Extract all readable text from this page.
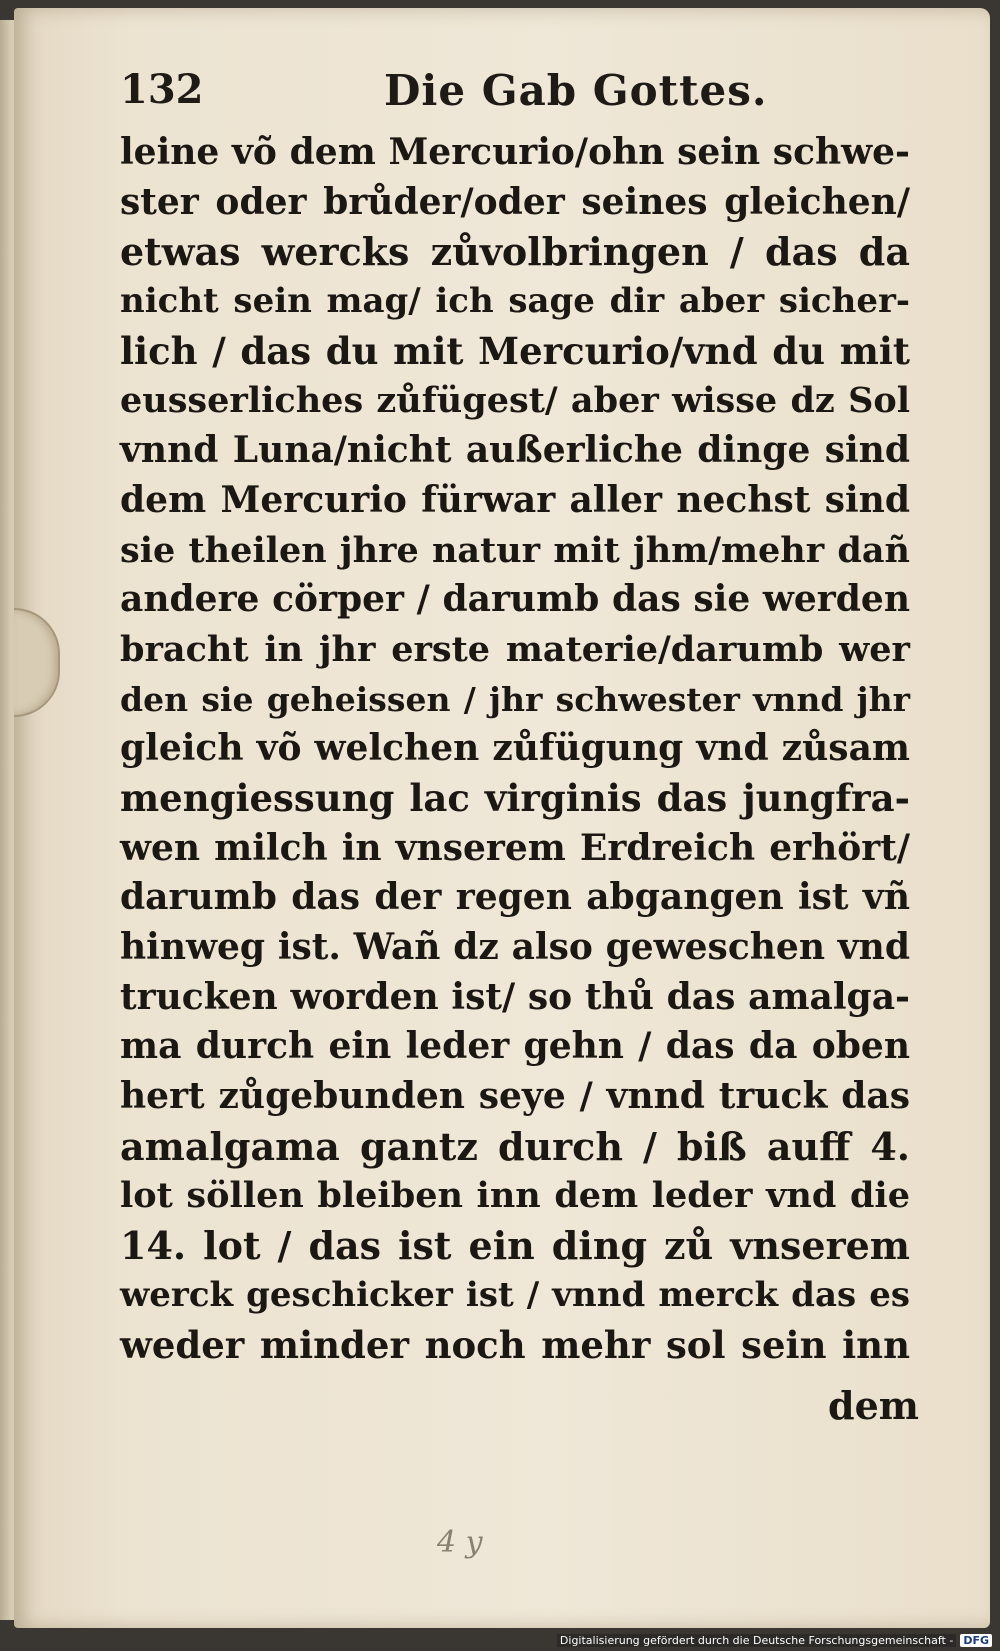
132	Die Gab Gottes.
leine võ dem Mercurio/ohn sein schwe-
ster oder brůder/oder seines gleichen/
etwas wercks zůvolbringen / das da
nicht sein mag/ ich sage dir aber sicher-
lich / das du mit Mercurio/vnd du mit
eusserliches zůfügest/ aber wisse dz Sol
vnnd Luna/nicht außerliche dinge sind
dem Mercurio fürwar aller nechst sind
sie theilen jhre natur mit jhm/mehr dañ
andere cörper / darumb das sie werden
bracht in jhr erste materie/darumb wer
den sie geheissen / jhr schwester vnnd jhr
gleich võ welchen zůfügung vnd zůsam
mengiessung lac virginis das jungfra-
wen milch in vnserem Erdreich erhört/
darumb das der regen abgangen ist vñ
hinweg ist. Wañ dz also geweschen vnd
trucken worden ist/ so thů das amalga-
ma durch ein leder gehn / das da oben
hert zůgebunden seye / vnnd truck das
amalgama gantz durch / biß auff 4.
lot söllen bleiben inn dem leder vnd die
14. lot / das ist ein ding zů vnserem
werck geschicker ist / vnnd merck das es
weder minder noch mehr sol sein inn
dem
4 y
Digitalisierung gefördert durch die Deutsche Forschungsgemeinschaft - DFG
